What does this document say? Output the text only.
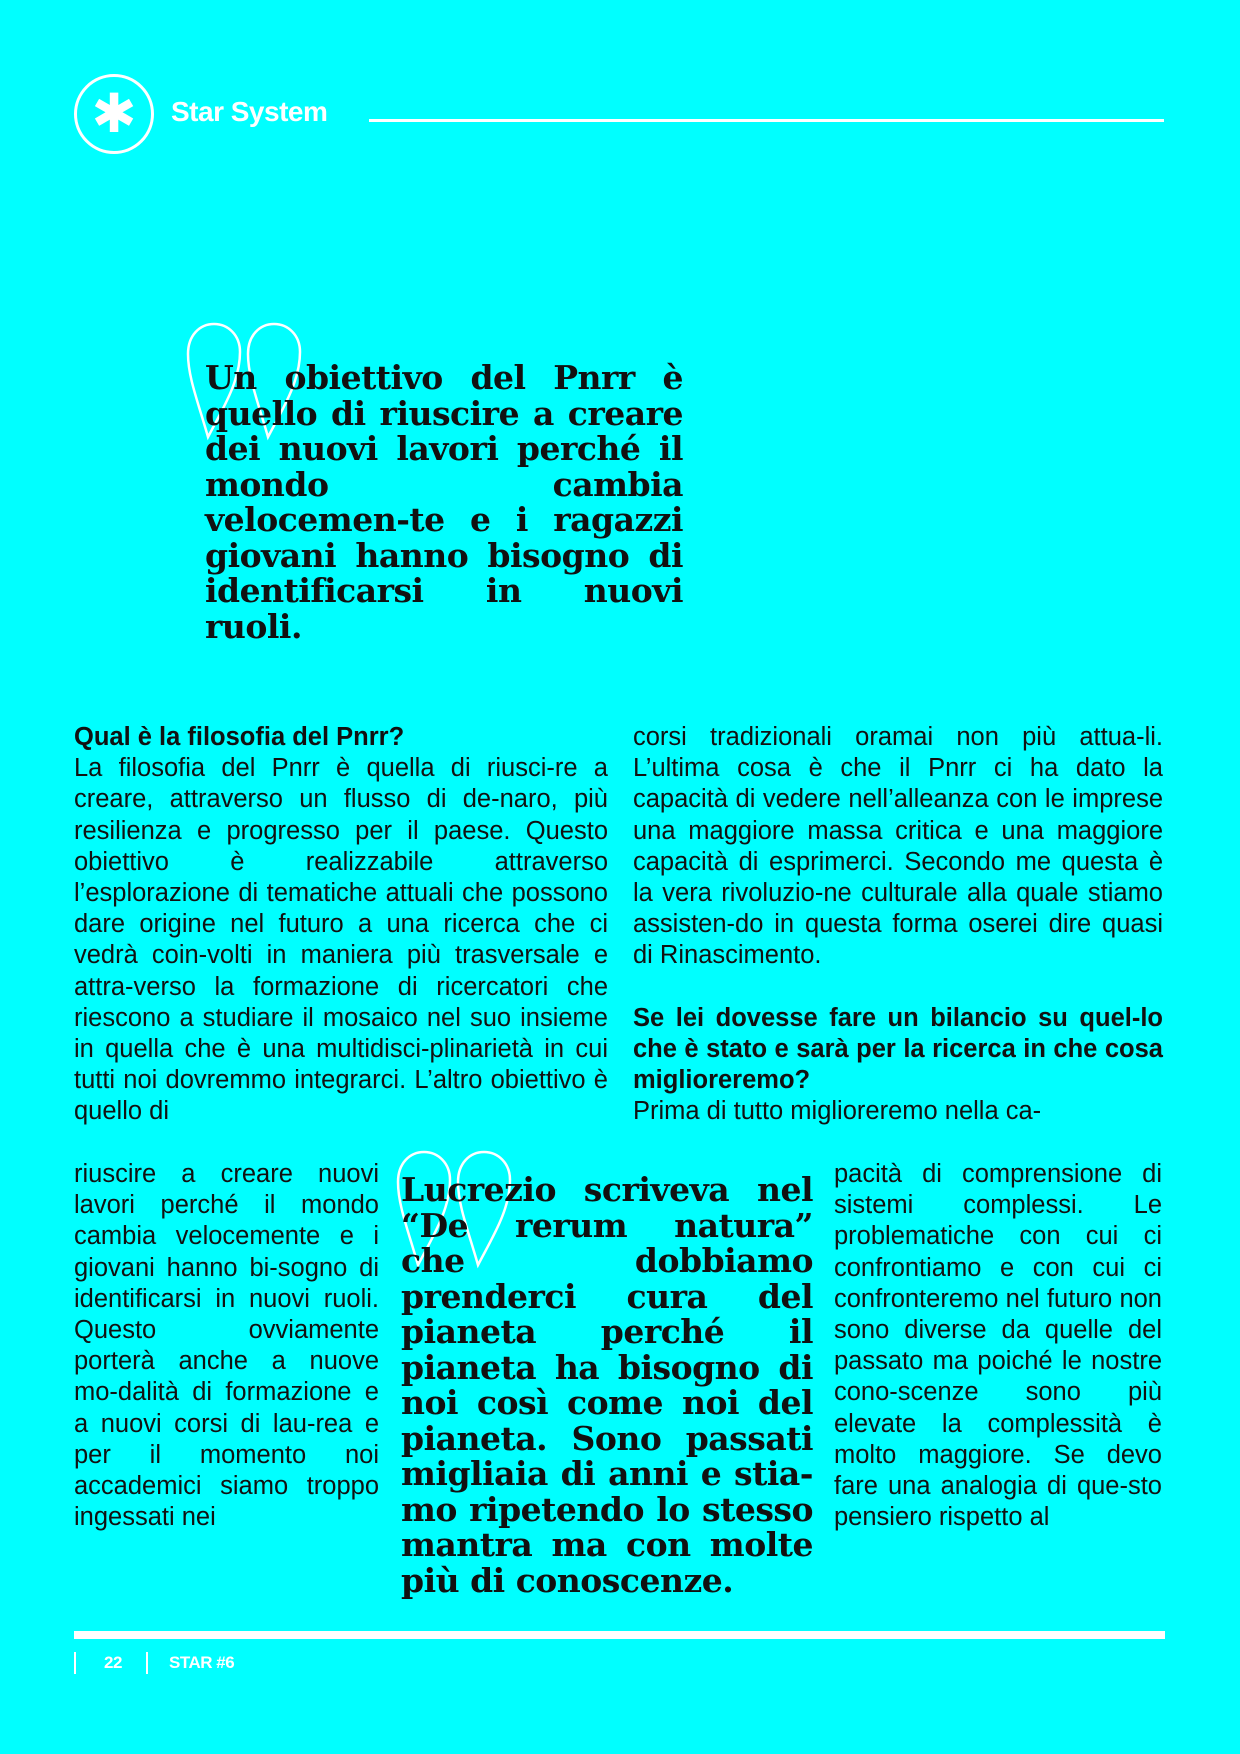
✱	Star System

Un obiettivo del Pnrr è quello di riuscire a creare dei nuovi lavori perché il mondo cambia velocemen-te e i ragazzi giovani hanno bisogno di identificarsi in nuovi ruoli.

Qual è la filosofia del Pnrr?

La filosofia del Pnrr è quella di riusci-re a creare, attraverso un flusso di de-naro, più resilienza e progresso per il paese. Questo obiettivo è realizzabile attraverso l’esplorazione di tematiche attuali che possono dare origine nel futuro a una ricerca che ci vedrà coin-volti in maniera più trasversale e attra-verso la formazione di ricercatori che riescono a studiare il mosaico nel suo insieme in quella che è una multidisci-plinarietà in cui tutti noi dovremmo integrarci. L’altro obiettivo è quello di

riuscire a creare nuovi lavori perché il mondo cambia velocemente e i giovani hanno bi-sogno di identificarsi in nuovi ruoli. Questo ovviamente porterà anche a nuove mo-dalità di formazione e a nuovi corsi di lau-rea e per il momento noi accademici siamo troppo ingessati nei

Lucrezio scriveva nel “De rerum natura” che dobbiamo prenderci cura del pianeta perché il pianeta ha bisogno di noi così come noi del pianeta. Sono passati migliaia di anni e stia-mo ripetendo lo stesso mantra ma con molte più di conoscenze.

corsi tradizionali oramai non più attua-li. L’ultima cosa è che il Pnrr ci ha dato la capacità di vedere nell’alleanza con le imprese una maggiore massa critica e una maggiore capacità di esprimerci. Secondo me questa è la vera rivoluzio-ne culturale alla quale stiamo assisten-do in questa forma oserei dire quasi di Rinascimento.

Se lei dovesse fare un bilancio su quel-lo che è stato e sarà per la ricerca in che cosa miglioreremo?

Prima di tutto miglioreremo nella ca-

pacità di comprensione di sistemi complessi. Le problematiche con cui ci confrontiamo e con cui ci confronteremo nel futuro non sono diverse da quelle del passato ma poiché le nostre cono-scenze sono più elevate la complessità è molto maggiore. Se devo fare una analogia di que-sto pensiero rispetto al

22	STAR #6
